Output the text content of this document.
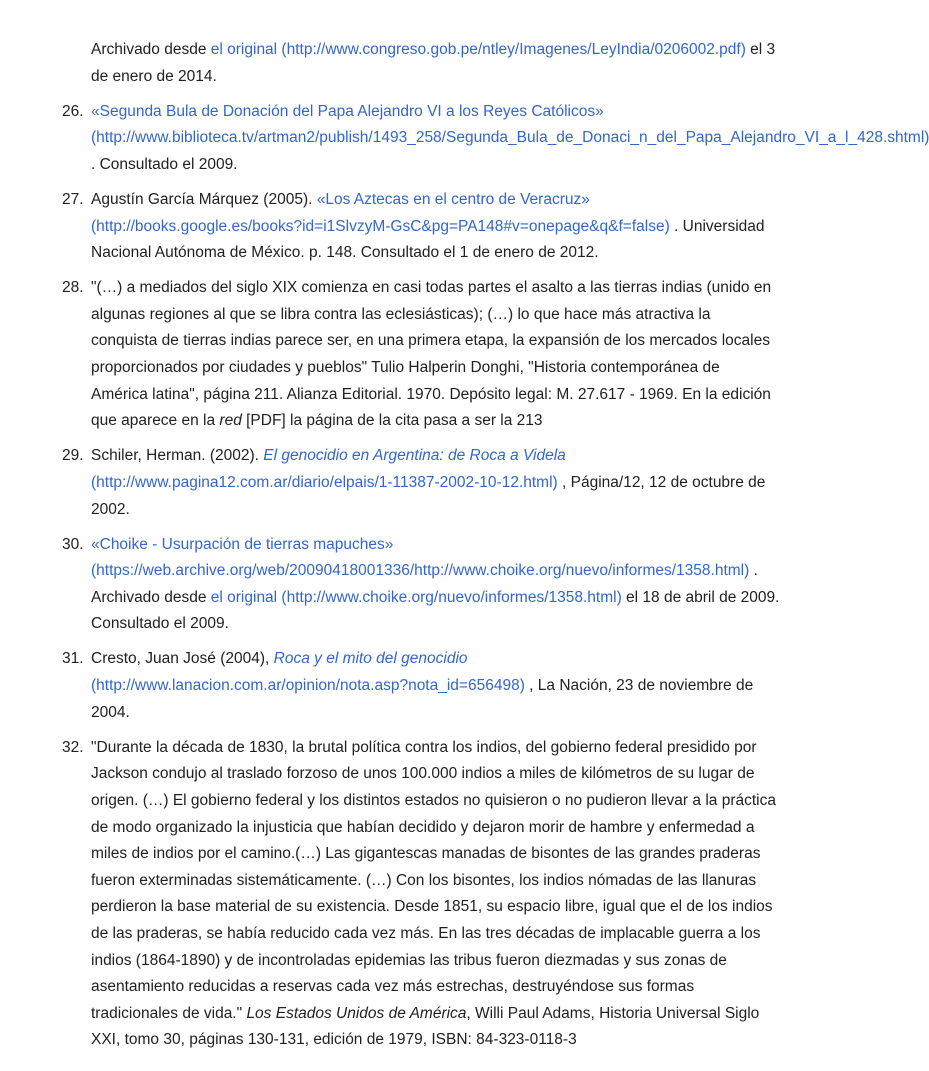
Archivado desde el original (http://www.congreso.gob.pe/ntley/Imagenes/LeyIndia/0206002.pdf) el 3 de enero de 2014.
26. «Segunda Bula de Donación del Papa Alejandro VI a los Reyes Católicos» (http://www.biblioteca.tv/artman2/publish/1493_258/Segunda_Bula_de_Donaci_n_del_Papa_Alejandro_VI_a_l_428.shtml) . Consultado el 2009.
27. Agustín García Márquez (2005). «Los Aztecas en el centro de Veracruz» (http://books.google.es/books?id=i1SlvzyM-GsC&pg=PA148#v=onepage&q&f=false) . Universidad Nacional Autónoma de México. p. 148. Consultado el 1 de enero de 2012.
28. "(…) a mediados del siglo XIX comienza en casi todas partes el asalto a las tierras indias (unido en algunas regiones al que se libra contra las eclesiásticas); (…) lo que hace más atractiva la conquista de tierras indias parece ser, en una primera etapa, la expansión de los mercados locales proporcionados por ciudades y pueblos" Tulio Halperin Donghi, "Historia contemporánea de América latina", página 211. Alianza Editorial. 1970. Depósito legal: M. 27.617 - 1969. En la edición que aparece en la red [PDF] la página de la cita pasa a ser la 213
29. Schiler, Herman. (2002). El genocidio en Argentina: de Roca a Videla (http://www.pagina12.com.ar/diario/elpais/1-11387-2002-10-12.html) , Página/12, 12 de octubre de 2002.
30. «Choike - Usurpación de tierras mapuches» (https://web.archive.org/web/20090418001336/http://www.choike.org/nuevo/informes/1358.html) . Archivado desde el original (http://www.choike.org/nuevo/informes/1358.html) el 18 de abril de 2009. Consultado el 2009.
31. Cresto, Juan José (2004), Roca y el mito del genocidio (http://www.lanacion.com.ar/opinion/nota.asp?nota_id=656498) , La Nación, 23 de noviembre de 2004.
32. "Durante la década de 1830, la brutal política contra los indios, del gobierno federal presidido por Jackson condujo al traslado forzoso de unos 100.000 indios a miles de kilómetros de su lugar de origen. (…) El gobierno federal y los distintos estados no quisieron o no pudieron llevar a la práctica de modo organizado la injusticia que habían decidido y dejaron morir de hambre y enfermedad a miles de indios por el camino.(…) Las gigantescas manadas de bisontes de las grandes praderas fueron exterminadas sistemáticamente. (…) Con los bisontes, los indios nómadas de las llanuras perdieron la base material de su existencia. Desde 1851, su espacio libre, igual que el de los indios de las praderas, se había reducido cada vez más. En las tres décadas de implacable guerra a los indios (1864-1890) y de incontroladas epidemias las tribus fueron diezmadas y sus zonas de asentamiento reducidas a reservas cada vez más estrechas, destruyéndose sus formas tradicionales de vida." Los Estados Unidos de América, Willi Paul Adams, Historia Universal Siglo XXI, tomo 30, páginas 130-131, edición de 1979, ISBN: 84-323-0118-3
